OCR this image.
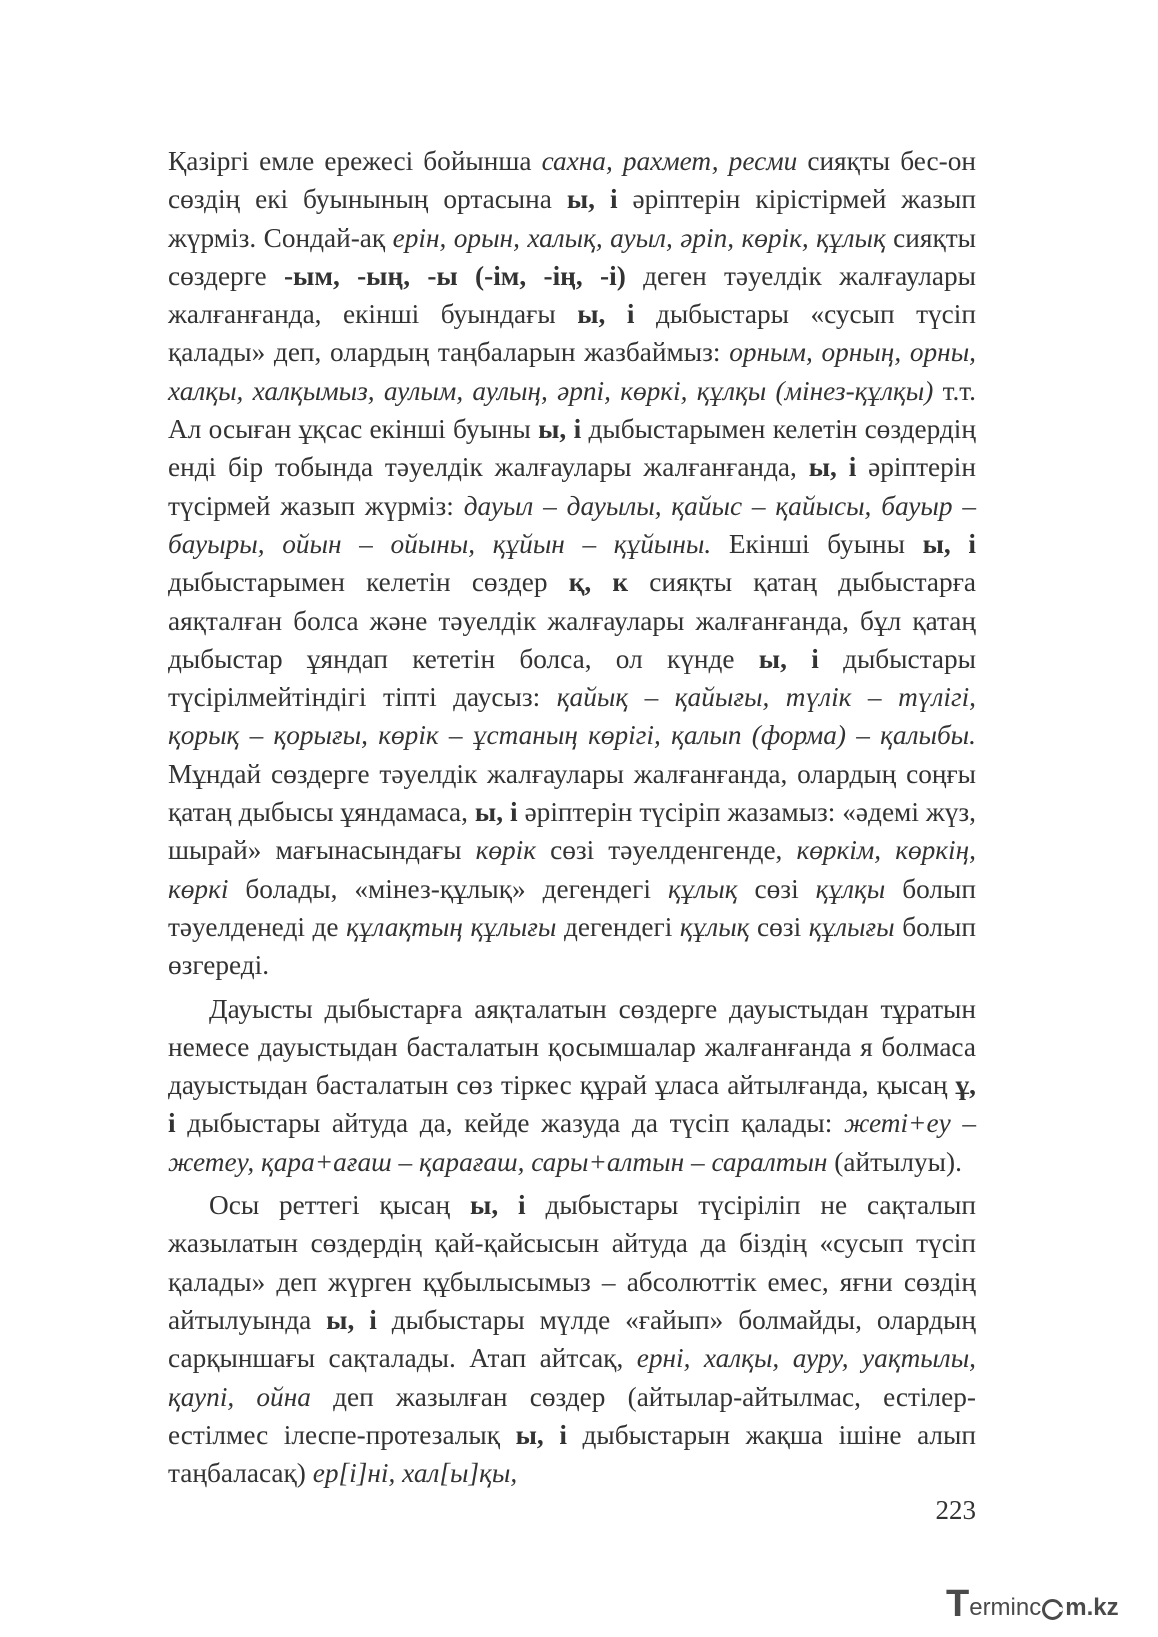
Қазіргі емле ережесі бойынша сахна, рахмет, ресми сияқты бес-он сөздің екі буынының ортасына ы, і әріптерін кірістірмей жазып жүрміз. Сондай-ақ ерін, орын, халық, ауыл, әріп, көрік, құлық сияқты сөздерге -ым, -ың, -ы (-ім, -ің, -і) деген тәуелдік жалғаулары жалғанғанда, екінші буындағы ы, і дыбыстары «сусып түсіп қалады» деп, олардың таңбаларын жазбаймыз: орным, орның, орны, халқы, халқымыз, аулым, аулың, әрпі, көркі, құлқы (мінез-құлқы) т.т. Ал осыған ұқсас екінші буыны ы, і дыбыстарымен келетін сөздердің енді бір тобында тәуелдік жалғаулары жалғанғанда, ы, і әріптерін түсірмей жазып жүрміз: дауыл – дауылы, қайыс – қайысы, бауыр – бауыры, ойын – ойыны, құйын – құйыны. Екінші буыны ы, і дыбыстарымен келетін сөздер қ, к сияқты қатаң дыбыстарға аяқталған болса және тәуелдік жалғаулары жалғанғанда, бұл қатаң дыбыстар ұяндап кететін болса, ол күнде ы, і дыбыстары түсірілмейтіндігі тіпті даусыз: қайық – қайығы, түлік – түлігі, қорық – қорығы, көрік – ұстаның көрігі, қалып (форма) – қалыбы. Мұндай сөздерге тәуелдік жалғаулары жалғанғанда, олардың соңғы қатаң дыбысы ұяндамаса, ы, і әріптерін түсіріп жазамыз: «әдемі жүз, шырай» мағынасындағы көрік сөзі тәуелденгенде, көркім, көркің, көркі болады, «мінез-құлық» дегендегі құлық сөзі құлқы болып тәуелденеді де құлақтың құлығы дегендегі құлық сөзі құлығы болып өзгереді.

Дауысты дыбыстарға аяқталатын сөздерге дауыстыдан тұратын немесе дауыстыдан басталатын қосымшалар жалғанғанда я болмаса дауыстыдан басталатын сөз тіркес құрай ұласа айтылғанда, қысаң ұ, і дыбыстары айтуда да, кейде жазуда да түсіп қалады: жеті+еу – жетеу, қара+ағаш – қарағаш, сары+алтын – саралтын (айтылуы).

Осы реттегі қысаң ы, і дыбыстары түсіріліп не сақталып жазылатын сөздердің қай-қайсысын айтуда да біздің «сусып түсіп қалады» деп жүрген құбылысымыз – абсолюттік емес, яғни сөздің айтылуында ы, і дыбыстары мүлде «ғайып» болмайды, олардың сарқыншағы сақталады. Атап айтсақ, ерні, халқы, ауру, уақтылы, қаупі, ойна деп жазылған сөздер (айтылар-айтылмас, естілер-естілмес ілеспе-протезалық ы, і дыбыстарын жақша ішіне алып таңбаласақ) ер[і]ні, хал[ы]қы,

223
T erminc m.kz
